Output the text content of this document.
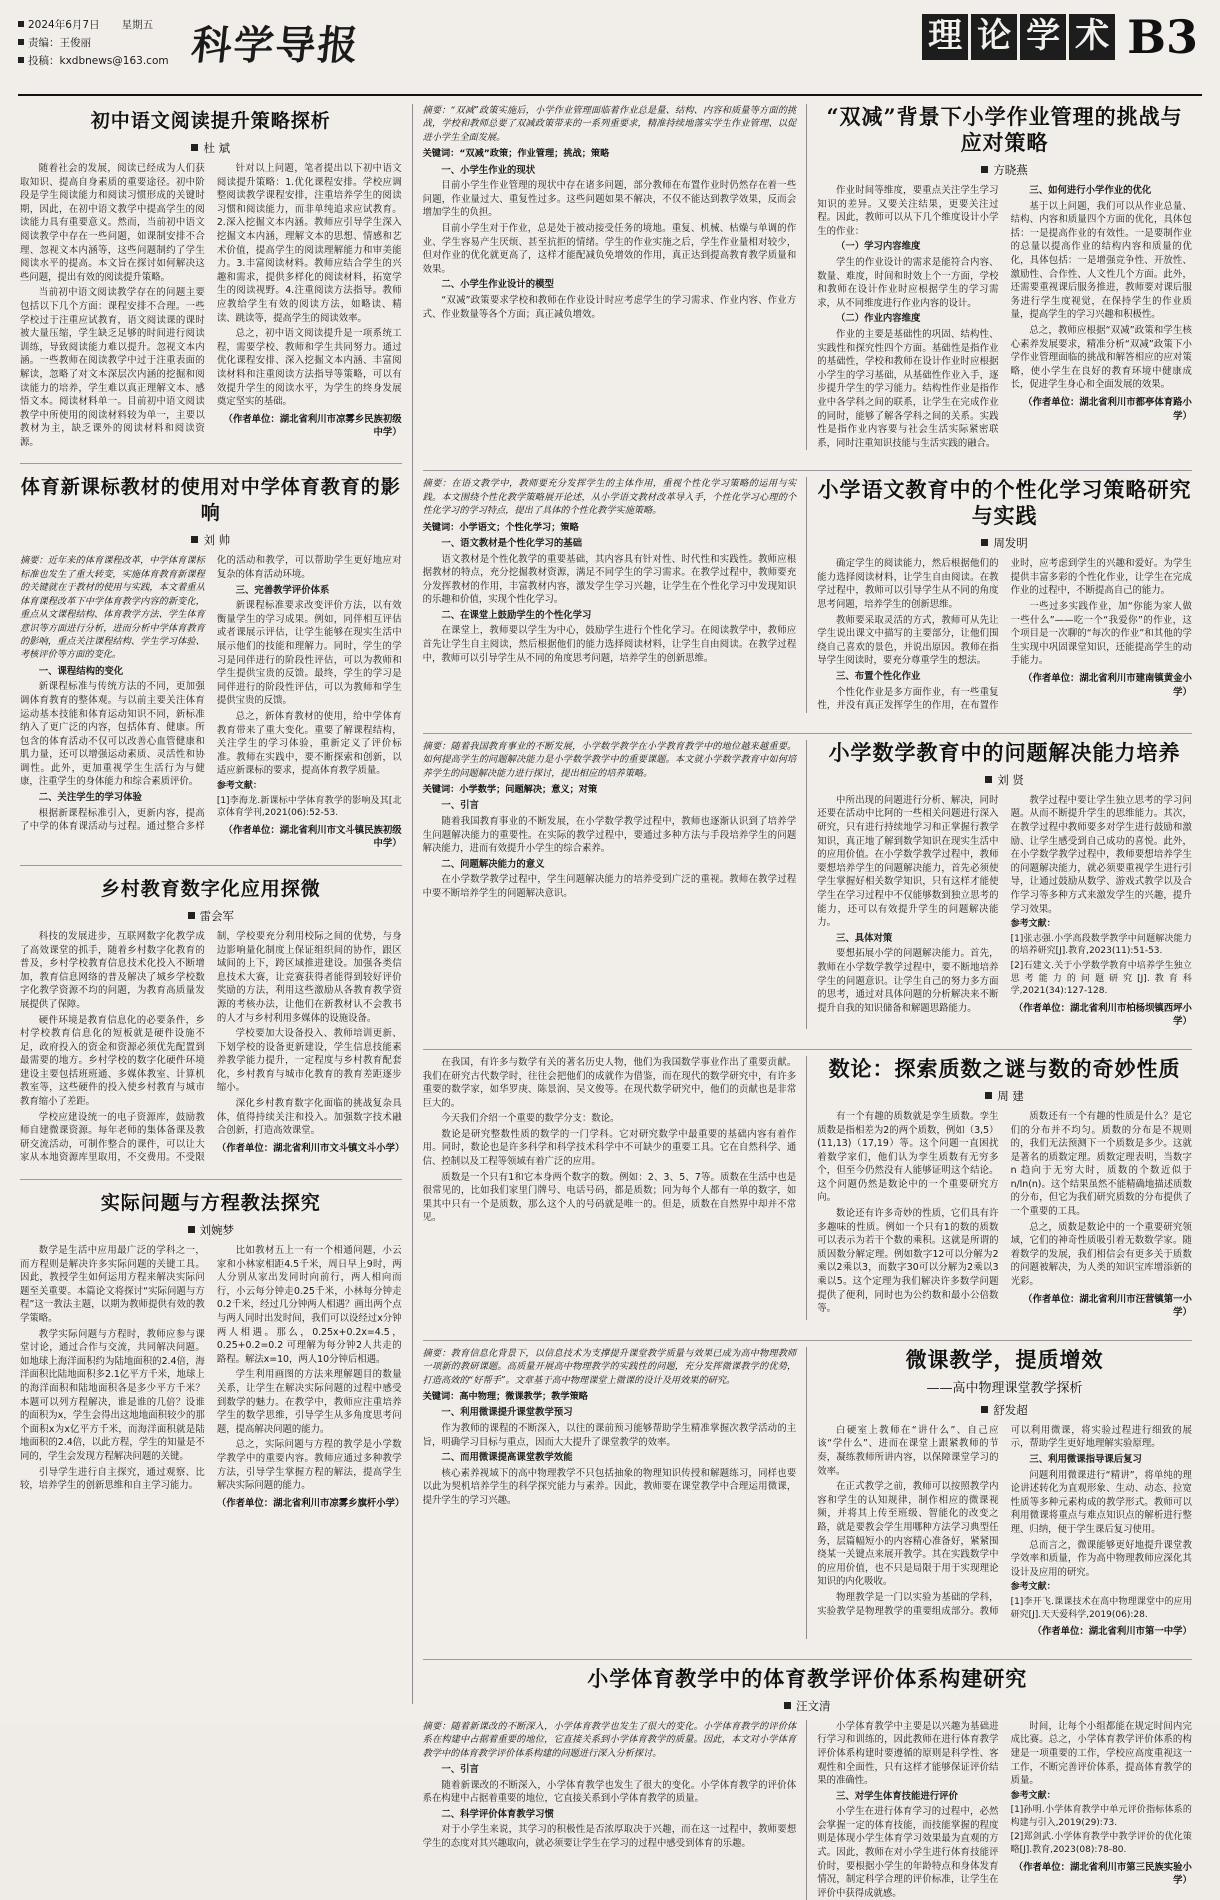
2024年6月7日 星期五
责编：王俊丽
投稿：kxdbnews@163.com 科学导报	理 论 学 术 B3
初中语文阅读提升策略探析
杜 斌

随着社会的发展，阅读已经成为人们获取知识、提高自身素质的重要途径。初中阶段是学生阅读能力和阅读习惯形成的关键时期，因此，在初中语文教学中提高学生的阅读能力具有重要意义。然而，当前初中语文阅读教学中存在一些问题，如课制安排不合理、忽视文本内涵等，这些问题制约了学生阅读水平的提高。本文旨在探讨如何解决这些问题，提出有效的阅读提升策略。

当前初中语文阅读教学存在的问题主要包括以下几个方面：课程安排不合理。一些学校过于注重应试教育，语文阅读课的课时被大量压缩，学生缺乏足够的时间进行阅读训练，导致阅读能力难以提升。忽视文本内涵。一些教师在阅读教学中过于注重表面的解读，忽略了对文本深层次内涵的挖掘和阅读能力的培养，学生难以真正理解文本、感悟文本。阅读材料单一。目前初中语文阅读教学中所使用的阅读材料较为单一，主要以教材为主，缺乏课外的阅读材料和阅读资源。

针对以上问题，笔者提出以下初中语文阅读提升策略：1.优化课程安排。学校应调整阅读教学课程安排，注重培养学生的阅读习惯和阅读能力，而非单纯追求应试教育。2.深入挖掘文本内涵。教师应引导学生深入挖掘文本内涵，理解文本的思想、情感和艺术价值，提高学生的阅读理解能力和审美能力。3.丰富阅读材料。教师应结合学生的兴趣和需求，提供多样化的阅读材料，拓宽学生的阅读视野。4.注重阅读方法指导。教师应教给学生有效的阅读方法，如略读、精读、跳读等，提高学生的阅读效率。

总之，初中语文阅读提升是一项系统工程，需要学校、教师和学生共同努力。通过优化课程安排、深入挖掘文本内涵、丰富阅读材料和注重阅读方法指导等策略，可以有效提升学生的阅读水平，为学生的终身发展奠定坚实的基础。

（作者单位：湖北省利川市凉雾乡民族初级中学）

体育新课标教材的使用对中学体育教育的影响
刘 帅

摘要：近年来的体育课程改革，中学体育课标标准也发生了重大转变，实施体育教育新课程的关键就在于教材的使用与实践，本文着重从体育课程改革下中学体育教学内容的新变化，重点从文课程结构、体育教学方法、学生体育意识等方面进行分析，进而分析中学体育教育的影响，重点关注课程结构、学生学习体验、考核评价等方面的变化。

一、课程结构的变化

新课程标准与传统方法的不同，更加强调体育教育的整体观。与以前主要关注体育运动基本技能和体育运动知识不同，新标准纳入了更广泛的内容，包括体育、健康。所包含的体育活动不仅可以改善心血管健康和肌力量，还可以增强运动素质、灵活性和协调性。此外，更加重视学生生活行为与健康，注重学生的身体能力和综合素质评价。

二、关注学生的学习体验

根据新课程标准引入，更新内容，提高了中学的体育课活动与过程。通过整合多样化的活动和教学，可以帮助学生更好地应对复杂的体育活动环境。

三、完善教学评价体系

新课程标准要求改变评价方法，以有效衡量学生的学习成果。例如，同伴相互评估或者课展示评估，让学生能够在现实生活中展示他们的技能和理解力。同时，学生的学习是同伴进行的阶段性评估，可以为教师和学生提供宝贵的反馈。最终，学生的学习是同伴进行的阶段性评估，可以为教师和学生提供宝贵的反馈。

总之，新体育教材的使用，给中学体育教育带来了重大变化。重要了解课程结构，关注学生的学习体验，重新定义了评价标准。教师在实践中，要不断探索和创新，以适应新课标的要求，提高体育教学质量。

参考文献：

[1]李海龙.新课标中学体育教学的影响及其[北京体育学刊,2021(06):52-53.

（作者单位：湖北省利川市文斗镇民族初级中学）

乡村教育数字化应用探微
雷会军

科技的发展进步，互联网数字化教学成了高效课堂的抓手，随着乡村数字化教育的普及，乡村学校教育信息技术化投入不断增加，教育信息网络的普及解决了城乡学校数字化教学资源不均的问题，为教育高质量发展提供了保障。

硬件环境是教育信息化的必要条件，乡村学校教育信息化的短板就是硬件设施不足，政府投入的资金和资源必须优先配置到最需要的地方。乡村学校的数字化硬件环境建设主要包括班班通、多媒体教室、计算机教室等，这些硬件的投入使乡村教育与城市教育缩小了差距。

学校应建设统一的电子资源库，鼓励教师自建微课资源。每年老师的集体备课及教研交流活动，可制作整合的课件，可以让大家从本地资源库里取用，不交费用。不受限制，学校要充分利用校际之间的优势，与身边影响量化制度上保证组织间的协作，跟区域间的上下，跨区域推进建设。加强各类信息技术大赛，让竞赛获得者能得到较好评价奖励的方法，利用这些激励从各教育教学资源的考核办法，让他们在新教材认不会教书的人才与乡村利用多媒体的设施设备。

学校要加大设备投入、教师培训更新、下划学校的设备更新建设，学生信息技能素养教学能力提升，一定程度与乡村教育配套化，乡村教育与城市化教育的教育差距逐步缩小。

深化乡村教育数字化面临的挑战复杂具体，值得持续关注和投入。加强数字技术融合创新，打造高效课堂。

（作者单位：湖北省利川市文斗镇文斗小学）

实际问题与方程教法探究
刘婉梦

数学是生活中应用最广泛的学科之一，而方程则是解决许多实际问题的关键工具。因此，教授学生如何运用方程来解决实际问题至关重要。本篇论文将探讨“实际问题与方程”这一教法主题，以期为教师提供有效的教学策略。

教学实际问题与方程时，教师应参与课堂讨论，通过合作与交流，共同解决问题。如地球上海洋面积约为陆地面积的2.4倍，海洋面积比陆地面积多2.1亿平方千米，地球上的海洋面积和陆地面积各是多少平方千米？本题可以列方程解决，谁是谁的几倍？设谁的面积为x，学生会得出这地地面积较少的那个面积x为x亿平方千米，而海洋面积就是陆地面积的2.4倍，以此方程，学生的知量是不同的，学生会发现方程解决问题的关键。

引导学生进行自主探究，通过观察、比较，培养学生的创新思维和自主学习能力。

比如教材五上一有一个相通问题，小云家和小林家相距4.5千米，周日早上9时，两人分别从家出发同时向前行，两人相向而行，小云每分钟走0.25千米，小林每分钟走0.2千米，经过几分钟两人相遇？画出两个点与两人同时出发时间，我们可以设经过x分钟两人相遇。那么，0.25x+0.2x=4.5，0.25+0.2=0.2 可理解为每分钟2人共走的路程。解法x=10，两人10分钟后相遇。

学生利用画图的方法来理解题目的数量关系，让学生在解决实际问题的过程中感受到数学的魅力。在教学中，教师应注重培养学生的数学思维，引导学生从多角度思考问题，提高解决问题的能力。

总之，实际问题与方程的教学是小学数学教学中的重要内容。教师应通过多种教学方法，引导学生掌握方程的解法，提高学生解决实际问题的能力。

（作者单位：湖北省利川市凉雾乡旗杆小学）

摘要：“双减”政策实施后，小学作业管理面临着作业总是量、结构、内容和质量等方面的挑战，学校和教师总要了双减政策带来的一系列重要求，精准持续地落实学生作业管理、以促进小学生全面发展。

关键词：“双减”政策；作业管理；挑战；策略

一、小学生作业的现状

目前小学生作业管理的现状中存在诸多问题，部分教师在布置作业时仍然存在着一些问题，作业量过大、重复性过多。这些问题如果不解决，不仅不能达到教学效果，反而会增加学生的负担。

目前小学生对于作业，总是处于被动接受任务的境地。重复、机械、枯燥与单调的作业、学生容易产生厌烦、甚至抗拒的情绪。学生的作业实施之后，学生作业量相对较少，但对作业的优化就更高了，这样才能配减负免增效的作用，真正达到提高教育教学质量和效果。

二、小学生作业设计的模型

“双减”政策要求学校和教师在作业设计时应考虑学生的学习需求、作业内容、作业方式、作业数量等各个方面；真正减负增效。

“双减”背景下小学作业管理的挑战与应对策略
方晓燕

作业时间等维度，要重点关注学生学习知识的差异。又要关注结果，更要关注过程。因此，教师可以从下几个维度设计小学生的作业：

（一）学习内容维度

学生的作业设计的需求是能符合内容、数量、难度，时间和时效上个一方面，学校和教师在设计作业时应根据学生的学习需求，从不同维度进行作业内容的设计。

（二）作业内容维度

作业的主要是基础性的巩固、结构性、实践性和探究性四个方面。基础性是指作业的基础性，学校和教师在设计作业时应根据小学生的学习基础，从基础性作业入手，逐步提升学生的学习能力。结构性作业是指作业中各学科之间的联系，让学生在完成作业的同时，能够了解各学科之间的关系。实践性是指作业内容要与社会生活实际紧密联系，同时注重知识技能与生活实践的融合。

三、如何进行小学作业的优化

基于以上问题，我们可以从作业总量、结构、内容和质量四个方面的优化，具体包括：一是提高作业的有效性。一是要制作业的总量以提高作业的结构内容和质量的优化，具体包括：一是增强竞争性、开放性、激励性、合作性、人文性几个方面。此外，还需要重视课后服务推进，教师要对课后服务进行学生度视觉，在保持学生的作业质量，提高学生的学习兴趣和积极性。

总之，教师应根据“双减”政策和学生核心素养发展要求，精准分析“双减”政策下小学作业管理面临的挑战和解答相应的应对策略，使小学生在良好的教育环境中健康成长，促进学生身心和全面发展的效果。

（作者单位：湖北省利川市都亭体育路小学）

摘要：在语文教学中，教师要充分发挥学生的主体作用，重视个性化学习策略的运用与实践。本文围绕个性化教学策略展开论述，从小学语文教材改革导入手，个性化学习心理的个性化学习的学习特点，提出了具体的个性化教学实施策略。

关键词：小学语文；个性化学习；策略

一、语文教材是个性化学习的基础

语文教材是个性化教学的重要基础，其内容具有针对性、时代性和实践性。教师应根据教材的特点，充分挖掘教材资源，满足不同学生的学习需求。在教学过程中，教师要充分发挥教材的作用，丰富教材内容，激发学生学习兴趣，让学生在个性化学习中发现知识的乐趣和价值，实现个性化学习。

二、在课堂上鼓励学生的个性化学习

在课堂上，教师要以学生为中心，鼓励学生进行个性化学习。在阅读教学中，教师应首先让学生自主阅读，然后根据他们的能力选择阅读材料，让学生自由阅读。在教学过程中，教师可以引导学生从不同的角度思考问题，培养学生的创新思维。

小学语文教育中的个性化学习策略研究与实践
周发明

确定学生的阅读能力，然后根据他们的能力选择阅读材料，让学生自由阅读。在教学过程中，教师可以引导学生从不同的角度思考问题，培养学生的创新思维。

教师要采取灵活的方式，教师可从先让学生说出课文中描写的主要部分，让他们围绕自己喜欢的景色，并说出原因。教师在指导学生阅读时，要充分尊重学生的想法。

三、布置个性化作业

个性化作业是多方面作业，有一些重复性，并没有真正发挥学生的作用，在布置作业时，应考虑到学生的兴趣和爱好。为学生提供丰富多彩的个性化作业，让学生在完成作业的过程中，不断提高自己的能力。

一些过多实践作业，加“你能为家人做一些什么”——吃一个“我爱你”的作业，这个项目是一次聊的“每次的作业”和其他的学生实现中巩固课堂知识，还能提高学生的动手能力。

（作者单位：湖北省利川市建南镇黄金小学）

摘要：随着我国教育事业的不断发展，小学数学教学在小学教育教学中的地位越来越重要。如何提高学生的问题解决能力是小学数学教学中的重要课题。本文就小学数学教育中如何培养学生的问题解决能力进行探讨，提出相应的培养策略。

关键词：小学数学；问题解决；意义；对策

一、引言

随着我国教育事业的不断发展，在小学数学教学过程中，教师也逐渐认识到了培养学生问题解决能力的重要性。在实际的教学过程中，要通过多种方法与手段培养学生的问题解决能力，进而有效提升小学生的综合素养。

二、问题解决能力的意义

在小学数学教学过程中，学生问题解决能力的培养受到广泛的重视。教师在教学过程中要不断培养学生的问题解决意识。

小学数学教育中的问题解决能力培养
刘 贤

中所出现的问题进行分析、解决，同时还要在活动中比阿的一些相关问题进行深入研究，只有进行持续地学习和正掌握行教学知识，真正地了解到数学知识在现实生活中的应用价值。在小学数学教学过程中，教师要想培养学生的问题解决能力，首先必须使学生掌握好相关数学知识，只有这样才能使学生在学习过程中不仅能够数到独立思考的能力，还可以有效提升学生的问题解决能力。

三、具体对策

要想拓展小学的问题解决能力。首先，教师在小学数学教学过程中，要不断地培养学生的问题意识。让学生自己的努力多方面的思考，通过对具体问题的分析解决来不断提升自我的知识储备和解题思路能力。

教学过程中要让学生独立思考的学习问题。从而不断提升学生的思维能力。其次，在教学过程中教师要多对学生进行鼓励和激励、让学生感受到自己成功的喜悦。此外，在小学数学教学过程中，教师要想培养学生的问题解决能力，就必须要重视学生进行引导，让通过鼓励从数学、游戏式教学以及合作学习等多种方式来激发学生的兴趣，提升学习效果。

参考文献：

[1]张志强.小学高段数学教学中问题解决能力的培养研究[J].教育,2023(11):51-53.

[2]石建文.关于小学数学教育中培养学生独立思考能力的问题研究[J].教育科学,2021(34):127-128.

（作者单位：湖北省利川市柏杨坝镇西坪小学）

在我国，有许多与数学有关的著名历史人物，他们为我国数学事业作出了重要贡献。我们在研究古代数学时，往往会把他们的成就作为借鉴，而在现代的数学研究中，有许多重要的数学家，如华罗庚、陈景润、吴文俊等。在现代数学研究中，他们的贡献也是非常巨大的。

今天我们介绍一个重要的数学分支：数论。

数论是研究整数性质的数学的一门学科。它对研究数学中最重要的基础内容有着作用。同时，数论也是许多科学和科学技术科学中不可缺少的重要工具。它在自然科学、通信、控制以及工程等领域有着广泛的应用。

质数是一个只有1和它本身两个数字的数。例如：2、3、5、7等。质数在生活中也是很常见的，比如我们家里门牌号、电话号码，都是质数；同为每个人都有一单的数字，如果其中只有一个是质数，那么这个人的号码就是唯一的。但是，质数在自然界中却并不常见。

数论：探索质数之谜与数的奇妙性质
周 建

有一个有趣的质数就是孪生质数。孪生质数是指相差为2的两个质数，例如（3,5）(11,13)（17,19）等。这个问题一直困扰着数学家们，他们认为孪生质数有无穷多个，但至今仍然没有人能够证明这个结论。这个问题仍然是数论中的一个重要研究方向。

数论还有许多奇妙的性质，它们具有许多趣味的性质。例如一个只有1的数的质数可以表示为若干个数的乘积。这就是所谓的质因数分解定理。例如数字12可以分解为2乘以2乘以3，而数字30可以分解为2乘以3乘以5。这个定理为我们解决许多数学问题提供了便利，同时也为公约数和最小公倍数等。

质数还有一个有趣的性质是什么？是它们的分布并不均匀。质数的分布是不规则的，我们无法预测下一个质数是多少。这就是著名的质数定理。质数定理表明，当数字 n 趋向于无穷大时，质数的个数近似于 n/ln(n)。这个结果虽然不能精确地描述质数的分布，但它为我们研究质数的分布提供了一个重要的工具。

总之，质数是数论中的一个重要研究领域，它们的神奇性质吸引着无数数学家。随着数学的发展，我们相信会有更多关于质数的问题被解决，为人类的知识宝库增添新的光彩。

（作者单位：湖北省利川市汪营镇第一小学）

摘要：教育信息化背景下，以信息技术为支撑提升课堂教学质量与效果已成为高中物理教师一项新的教研课题。高质量开展高中物理教学的实践性的问题，充分发挥微课教学的优势，打造高效的“好帮手”。文章基于高中物理课堂上微课的设计及用效果的研究。

关键词：高中物理；微课教学；教学策略

一、利用微课提升课堂教学预习

作为教师的课程的不断深入，以往的课前预习能够帮助学生精准掌握次教学活动的主旨，明确学习目标与重点，因而大大提升了课堂教学的效率。

二、而用微课提高课堂教学效能

核心素养视域下的高中物理教学不只包括抽象的物理知识传授和解题练习，同样也要以此为契机培养学生的科学探究能力与素养。因此，教师要在课堂教学中合理运用微课，提升学生的学习兴趣。

微课教学，提质增效
——高中物理课堂教学探析
舒发超

白硬室上教师在“讲什么”、自己应该“学什么”、进而在课堂上跟紧教师的节奏，凝练教师所讲内容，以保障课堂学习的效率。

在正式教学之前，教师可以按照教学内容和学生的认知规律，制作相应的微课视频，并将其上传至班级、智能化的改变之路，就是要教会学生用哪种方法学习典型任务，层篇幅短小的内容精心准备好，紧紧围绕某一关键点来展开教学。其在实践数学中的应用价值，也不只是局限于用于实现理论知识的内化吸收。

物理教学是一门以实验为基础的学科，实验教学是物理教学的重要组成部分。教师可以利用微课，将实验过程进行细致的展示，帮助学生更好地理解实验原理。

三、利用微课指导课后复习

问题利用微课进行“精讲”，将单纯的理论讲述转化为直观形象、生动、动态、拉宽性质等多种元素构成的教学形式。教师可以利用微课将重点与难点知识点的解析进行整理、归纳，便于学生课后复习使用。

总而言之，微课能够更好地提升课堂教学效率和质量，作为高中物理教师应深化其设计及应用的研究。

参考文献：

[1]李开飞.课课技术在高中物理课堂中的应用研究[J].天天爱科学,2019(06):28.

（作者单位：湖北省利川市第一中学）

小学体育教学中的体育教学评价体系构建研究
汪文清

摘要：随着新课改的不断深入，小学体育教学也发生了很大的变化。小学体育教学的评价体系在构建中占据着重要的地位，它直接关系到小学体育教学的质量。因此，本文对小学体育教学中的体育教学评价体系构建的问题进行深入分析探讨。

一、引言

随着新课改的不断深入，小学体育教学也发生了很大的变化。小学体育教学的评价体系在构建中占据着重要的地位，它直接关系到小学体育教学的质量。

二、科学评价体育教学习惯

对于小学生来说，其学习的积极性是否浓厚取决于兴趣，而在这一过程中，教师要想学生的态度对其兴趣取向，就必须要让学生在学习的过程中感受到体育的乐趣。

小学体育教学中主要是以兴趣为基础进行学习和训练的，因此教师在进行体育教学评价体系构建时要遵循的原则是科学性、客观性和全面性，只有这样才能够保证评价结果的准确性。

三、对学生体育技能进行评价

小学生在进行体育学习的过程中，必然会掌握一定的体育技能，而技能掌握的程度则是体现小学生体育学习效果最为直观的方式。因此，教师在对小学生进行体育技能评价时，要根据小学生的年龄特点和身体发育情况，制定科学合理的评价标准，让学生在评价中获得成就感。

时间，让每个小组都能在规定时间内完成比赛。总之，小学体育教学评价体系的构建是一项重要的工作，学校应高度重视这一工作，不断完善评价体系，提高体育教学的质量。

参考文献：

[1]孙明.小学体育教学中单元评价指标体系的构建与引入,2019(29):73.

[2]郑剑武.小学体育教学中教学评价的优化策略[J].教育,2023(08):78-80.

（作者单位：湖北省利川市第三民族实验小学）
